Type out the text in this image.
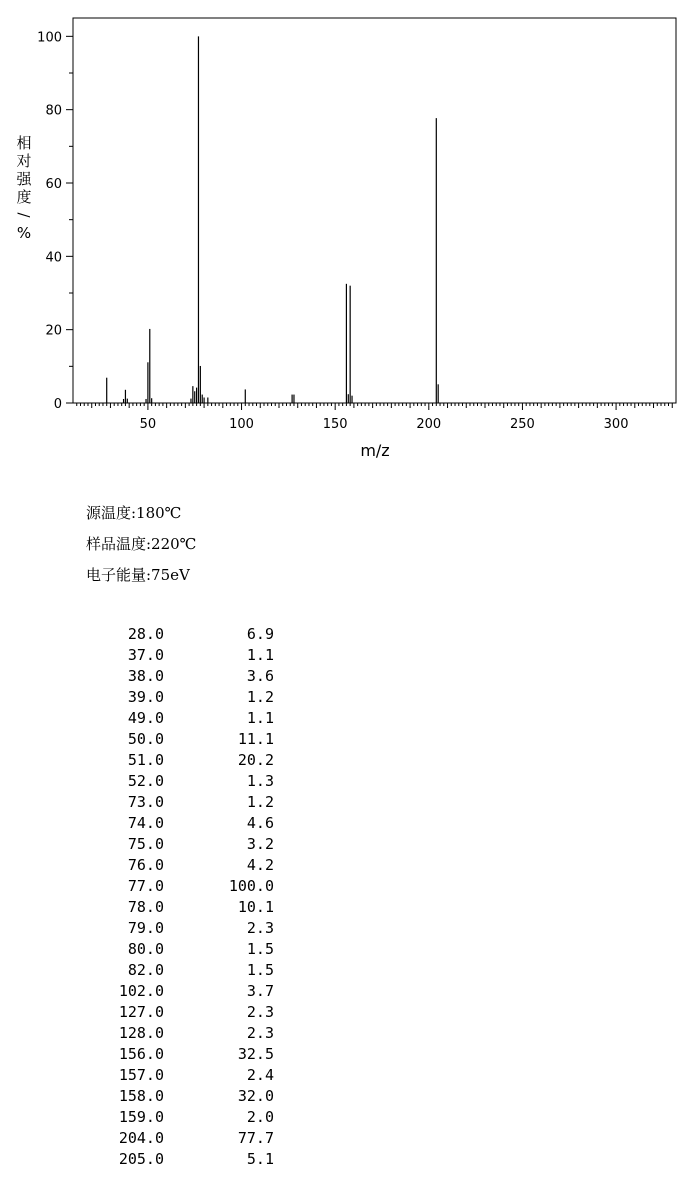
相
对
强
度
/
%
m/z
50	100	150	200	250	300
0
20
40
60
80
100
源温度:180℃
样品温度:220℃
电子能量:75eV
28.0	6.9
37.0	1.1
38.0	3.6
39.0	1.2
49.0	1.1
50.0	11.1
51.0	20.2
52.0	1.3
73.0	1.2
74.0	4.6
75.0	3.2
76.0	4.2
77.0	100.0
78.0	10.1
79.0	2.3
80.0	1.5
82.0	1.5
102.0	3.7
127.0	2.3
128.0	2.3
156.0	32.5
157.0	2.4
158.0	32.0
159.0	2.0
204.0	77.7
205.0	5.1
